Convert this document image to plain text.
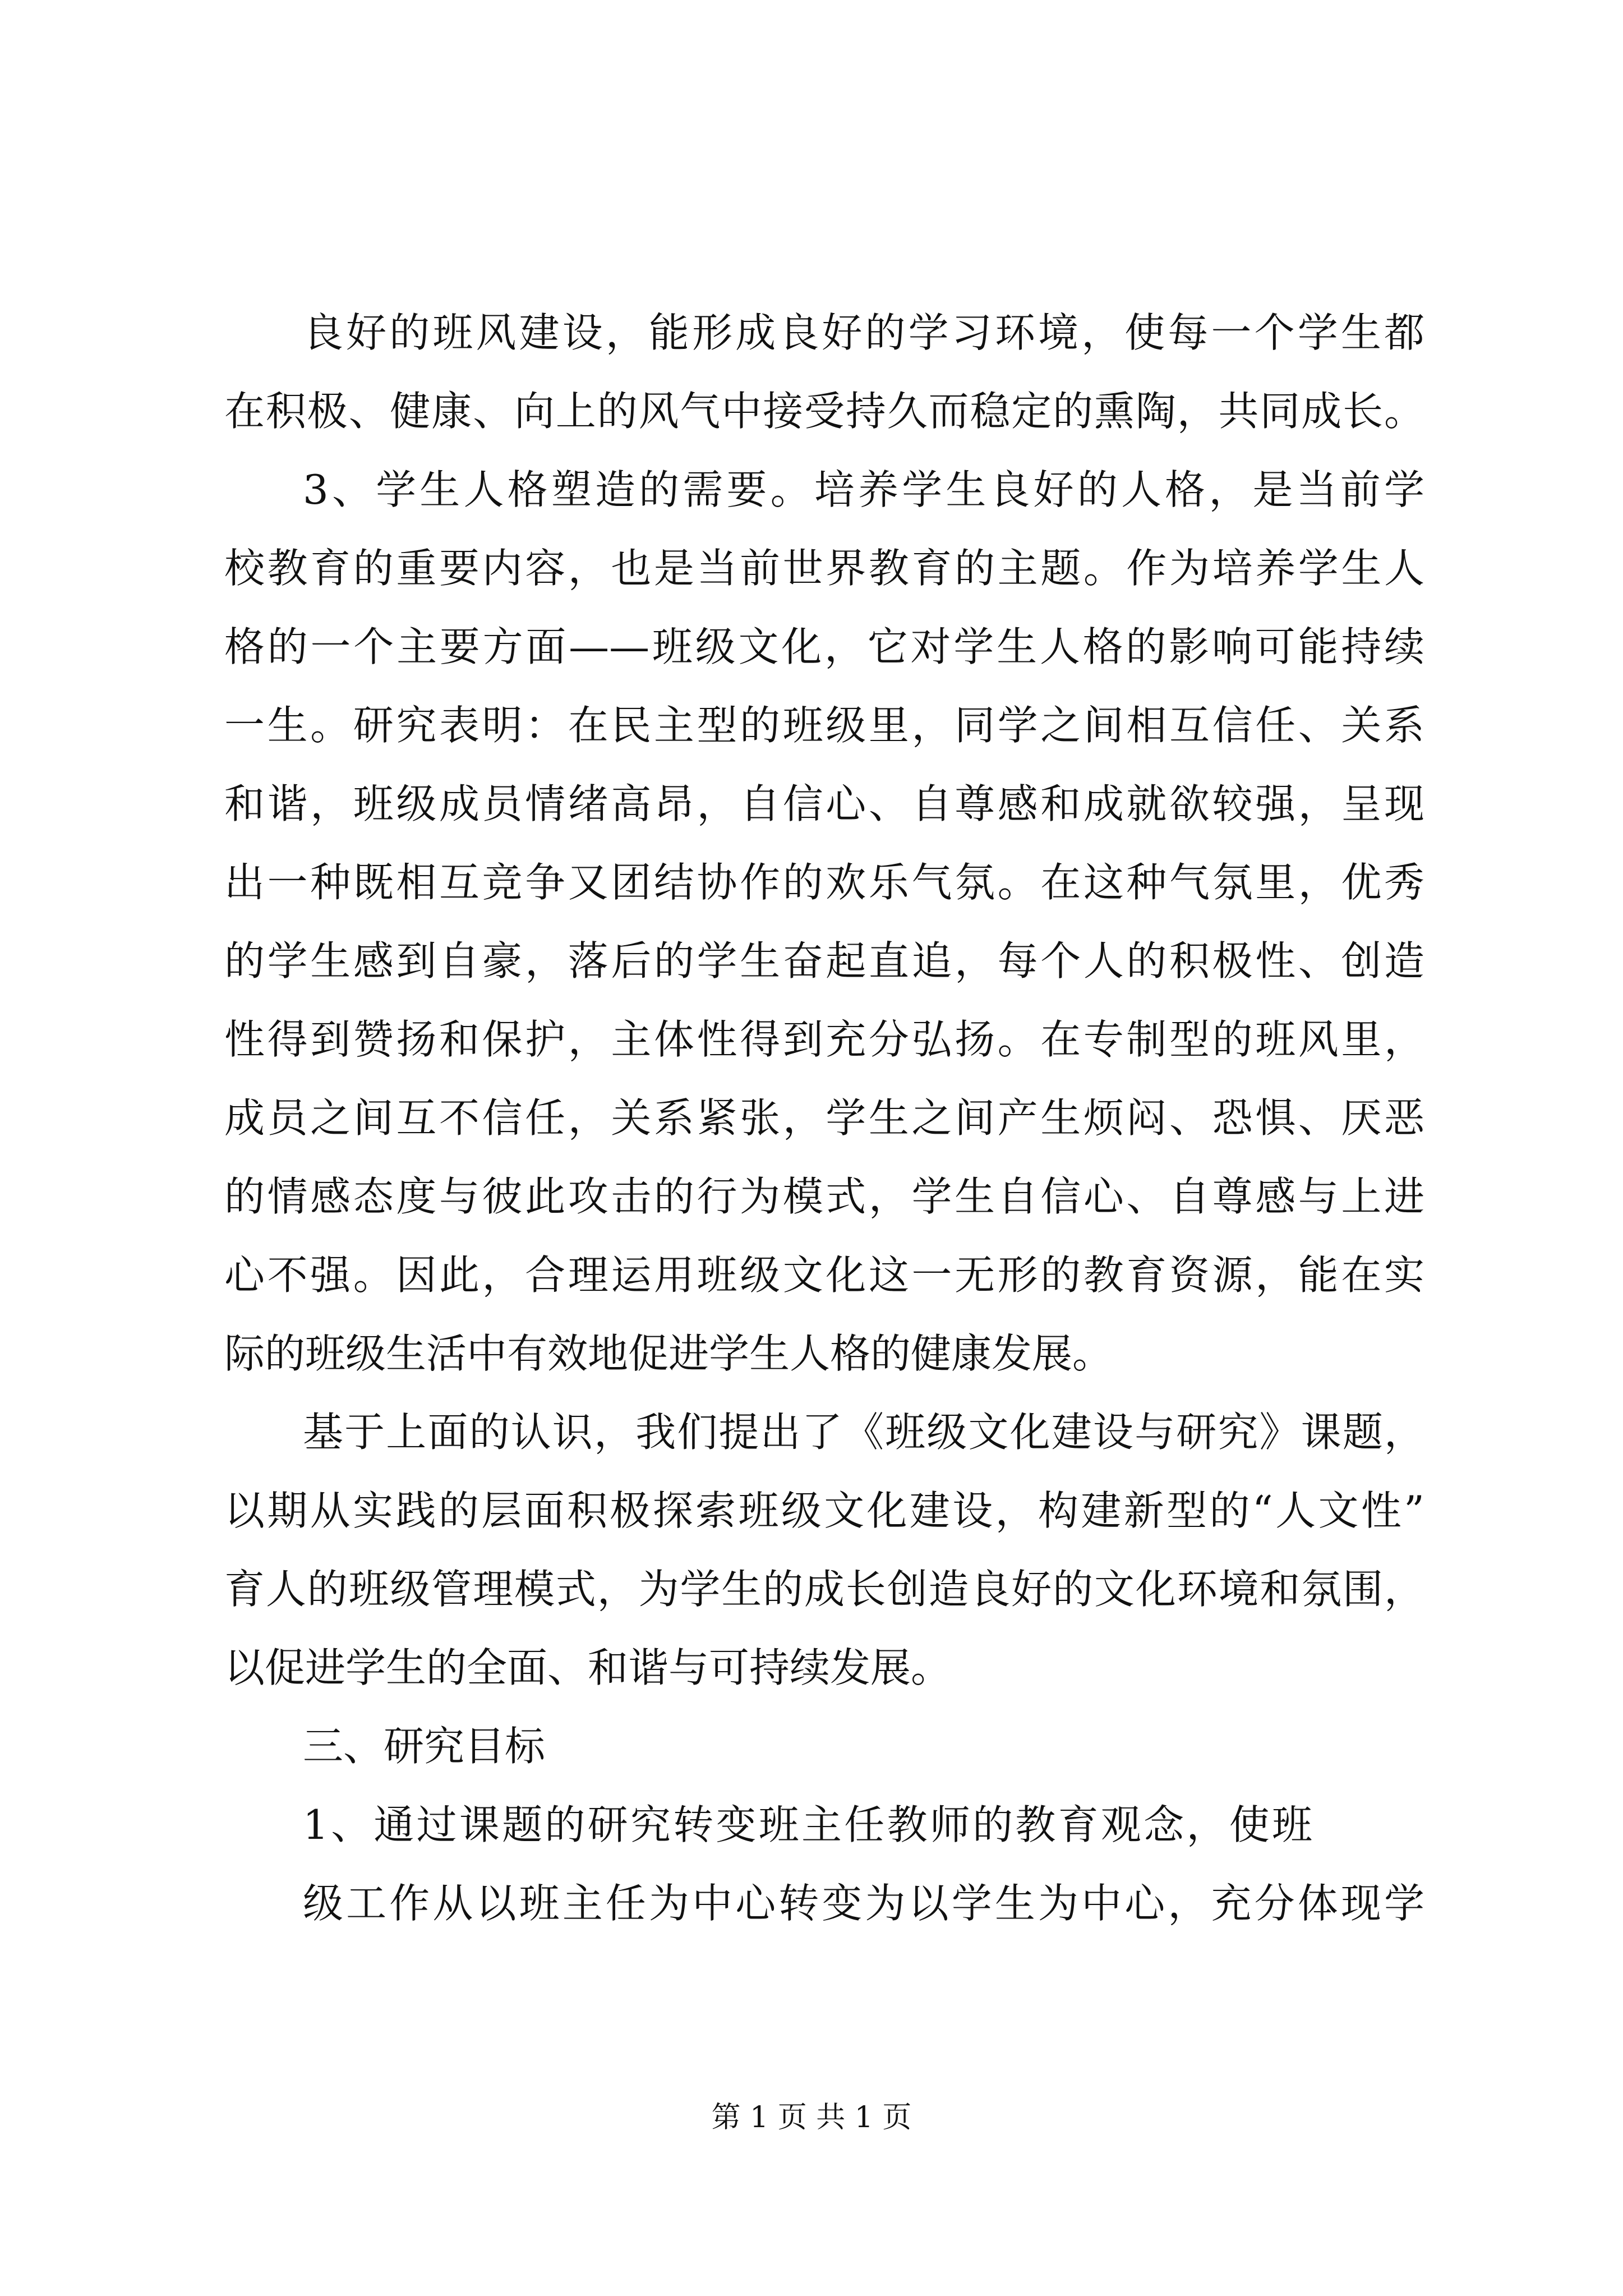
良好的班风建设，能形成良好的学习环境，使每一个学生都
在积极、健康、向上的风气中接受持久而稳定的熏陶，共同成长。
3、学生人格塑造的需要。培养学生良好的人格，是当前学
校教育的重要内容，也是当前世界教育的主题。作为培养学生人
格的一个主要方面——班级文化，它对学生人格的影响可能持续
一生。研究表明：在民主型的班级里，同学之间相互信任、关系
和谐，班级成员情绪高昂，自信心、自尊感和成就欲较强，呈现
出一种既相互竞争又团结协作的欢乐气氛。在这种气氛里，优秀
的学生感到自豪，落后的学生奋起直追，每个人的积极性、创造
性得到赞扬和保护，主体性得到充分弘扬。在专制型的班风里，
成员之间互不信任，关系紧张，学生之间产生烦闷、恐惧、厌恶
的情感态度与彼此攻击的行为模式，学生自信心、自尊感与上进
心不强。因此，合理运用班级文化这一无形的教育资源，能在实
际的班级生活中有效地促进学生人格的健康发展。
基于上面的认识，我们提出了《班级文化建设与研究》课题，
以期从实践的层面积极探索班级文化建设，构建新型的“人文性”
育人的班级管理模式，为学生的成长创造良好的文化环境和氛围，
以促进学生的全面、和谐与可持续发展。
三、研究目标
1、通过课题的研究转变班主任教师的教育观念，使班
级工作从以班主任为中心转变为以学生为中心，充分体现学
第 1 页 共 1 页
